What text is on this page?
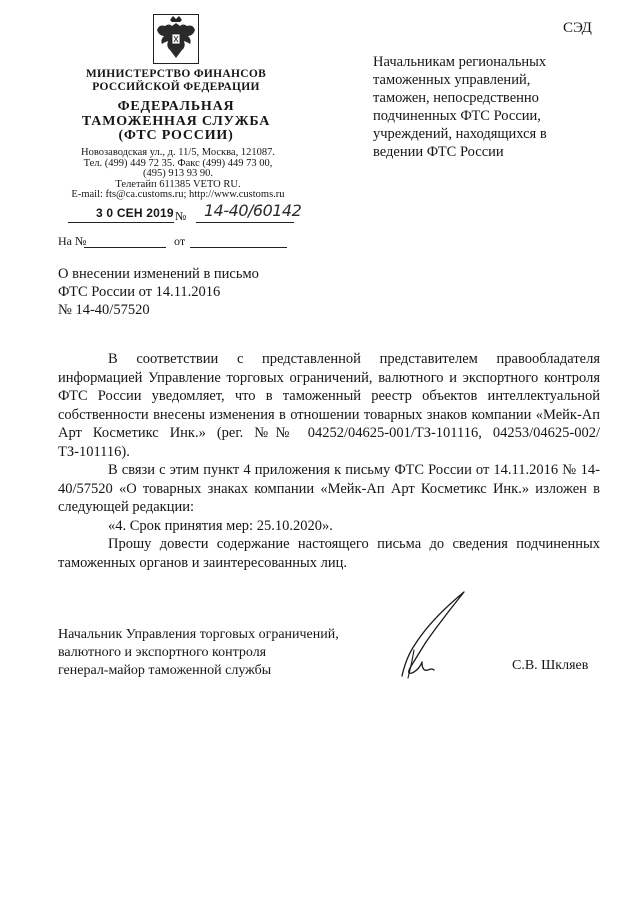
СЭД
МИНИСТЕРСТВО ФИНАНСОВ
РОССИЙСКОЙ ФЕДЕРАЦИИ
ФЕДЕРАЛЬНАЯ
ТАМОЖЕННАЯ СЛУЖБА
(ФТС РОССИИ)
Новозаводская ул., д. 11/5, Москва, 121087.
Тел. (499) 449 72 35. Факс (499) 449 73 00,
(495) 913 93 90.
Телетайп 611385 VETO RU.
E-mail: fts@ca.customs.ru; http://www.customs.ru
3 0 СЕН 2019 № 14-40/60142
На №	от
Начальникам региональных
таможенных управлений,
таможен, непосредственно
подчиненных ФТС России,
учреждений, находящихся в
ведении ФТС России
О внесении изменений в письмо
ФТС России от 14.11.2016
№ 14-40/57520

В соответствии с представленной представителем правообладателя информацией Управление торговых ограничений, валютного и экспортного контроля ФТС России уведомляет, что в таможенный реестр объектов интеллектуальной собственности внесены изменения в отношении товарных знаков компании «Мейк-Ап Арт Косметикс Инк.» (рег. №№ 04252/04625-001/ТЗ-101116, 04253/04625-002/ТЗ-101116).

В связи с этим пункт 4 приложения к письму ФТС России от 14.11.2016 № 14-40/57520 «О товарных знаках компании «Мейк-Ап Арт Косметикс Инк.» изложен в следующей редакции:

«4. Срок принятия мер: 25.10.2020».

Прошу довести содержание настоящего письма до сведения подчиненных таможенных органов и заинтересованных лиц.

Начальник Управления торговых ограничений,
валютного и экспортного контроля
генерал-майор таможенной службы	С.В. Шкляев
